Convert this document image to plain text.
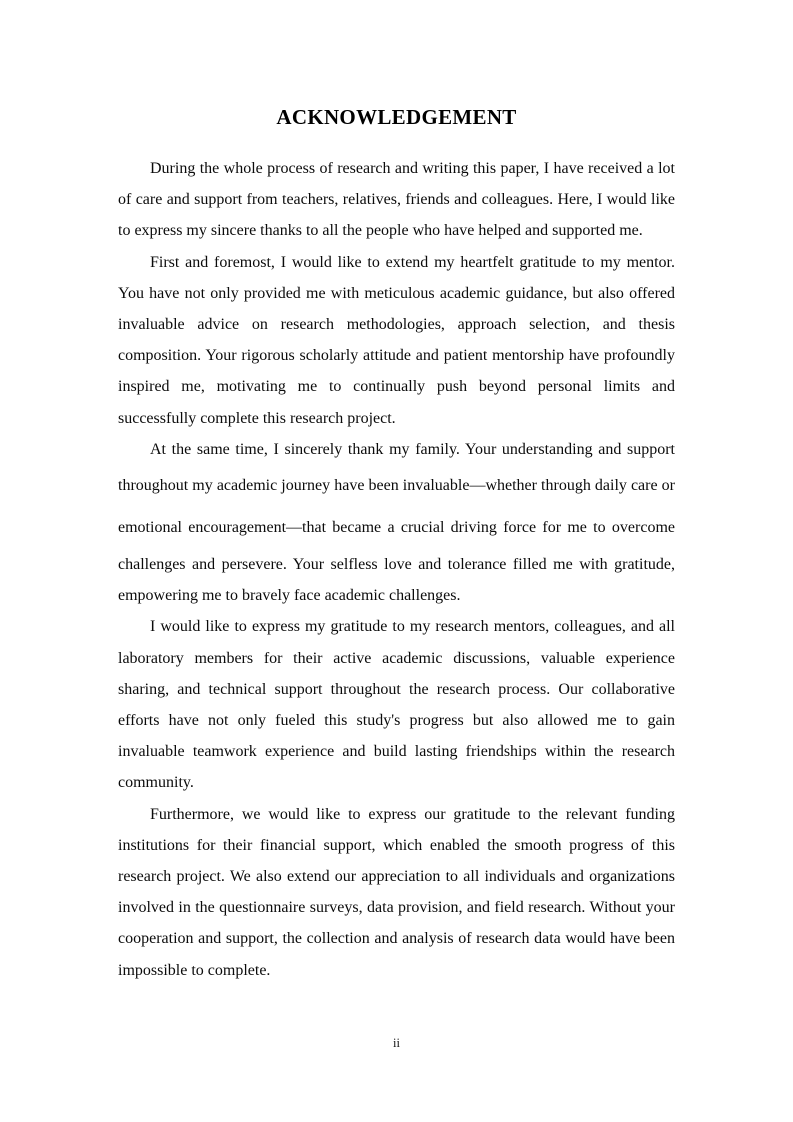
ACKNOWLEDGEMENT

During the whole process of research and writing this paper, I have received a lot of care and support from teachers, relatives, friends and colleagues. Here, I would like to express my sincere thanks to all the people who have helped and supported me.

First and foremost, I would like to extend my heartfelt gratitude to my mentor. You have not only provided me with meticulous academic guidance, but also offered invaluable advice on research methodologies, approach selection, and thesis composition. Your rigorous scholarly attitude and patient mentorship have profoundly inspired me, motivating me to continually push beyond personal limits and successfully complete this research project.

At the same time, I sincerely thank my family. Your understanding and support throughout my academic journey have been invaluable—whether through daily care or emotional encouragement—that became a crucial driving force for me to overcome challenges and persevere. Your selfless love and tolerance filled me with gratitude, empowering me to bravely face academic challenges.

I would like to express my gratitude to my research mentors, colleagues, and all laboratory members for their active academic discussions, valuable experience sharing, and technical support throughout the research process. Our collaborative efforts have not only fueled this study's progress but also allowed me to gain invaluable teamwork experience and build lasting friendships within the research community.

Furthermore, we would like to express our gratitude to the relevant funding institutions for their financial support, which enabled the smooth progress of this research project. We also extend our appreciation to all individuals and organizations involved in the questionnaire surveys, data provision, and field research. Without your cooperation and support, the collection and analysis of research data would have been impossible to complete.

ii
